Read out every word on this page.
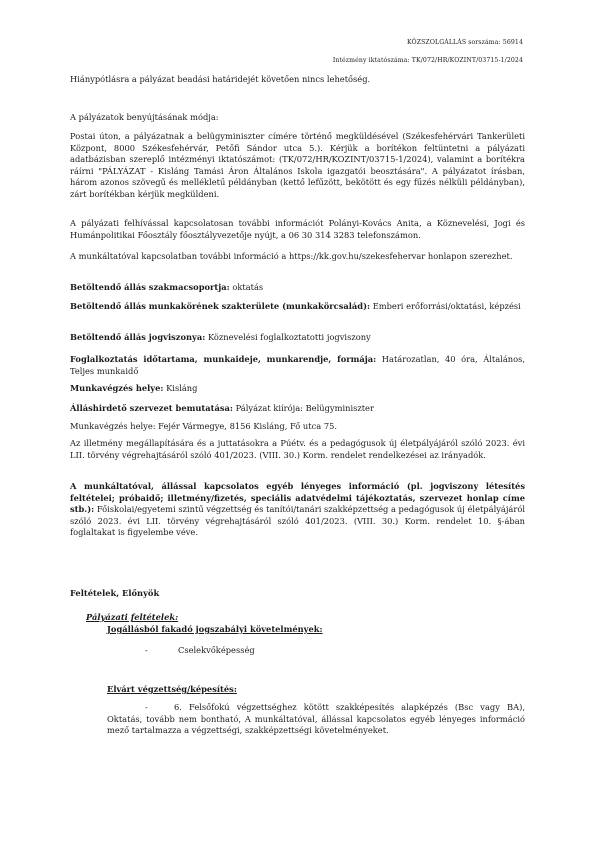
KÖZSZOLGÁLLÁS sorszáma: 56914
Intézmény iktatószáma: TK/072/HR/KOZINT/03715-1/2024
Hiánypótlásra a pályázat beadási határidejét követően nincs lehetőség.
A pályázatok benyújtásának módja:
Postai úton, a pályázatnak a belügyminiszter címére történő megküldésével (Székesfehérvári Tankerületi Központ, 8000 Székesfehérvár, Petőfi Sándor utca 5.). Kérjük a borítékon feltüntetni a pályázati adatbázisban szereplő intézményi iktatószámot: (TK/072/HR/KOZINT/03715-1/2024), valamint a borítékra ráírni "PÁLYÁZAT - Kisláng Tamási Áron Általános Iskola igazgatói beosztására". A pályázatot írásban, három azonos szövegű és mellékletű példányban (kettő lefűzött, bekötött és egy fűzés nélküli példányban), zárt borítékban kérjük megküldeni.
A pályázati felhívással kapcsolatosan további információt Polányi-Kovács Anita, a Köznevelési, Jogi és Humánpolitikai Főosztály főosztályvezetője nyújt, a 06 30 314 3283 telefonszámon.
A munkáltatóval kapcsolatban további információ a https://kk.gov.hu/szekesfehervar honlapon szerezhet.
Betöltendő állás szakmacsoportja: oktatás
Betöltendő állás munkakörének szakterülete (munkakörcsalád): Emberi erőforrási/oktatási, képzési
Betöltendő állás jogviszonya: Köznevelési foglalkoztatotti jogviszony
Foglalkoztatás időtartama, munkaideje, munkarendje, formája: Határozatlan, 40 óra, Általános, Teljes munkaidő
Munkavégzés helye: Kisláng
Álláshirdető szervezet bemutatása: Pályázat kiírója: Belügyminiszter
Munkavégzés helye: Fejér Vármegye, 8156 Kisláng, Fő utca 75.
Az illetmény megállapítására és a juttatásokra a Púétv. és a pedagógusok új életpályájáról szóló 2023. évi LII. törvény végrehajtásáról szóló 401/2023. (VIII. 30.) Korm. rendelet rendelkezései az irányadók.
A munkáltatóval, állással kapcsolatos egyéb lényeges információ (pl. jogviszony létesítés feltételei; próbaidő; illetmény/fizetés, speciális adatvédelmi tájékoztatás, szervezet honlap címe stb.): Főiskolai/egyetemi szintű végzettség és tanítói/tanári szakképzettség a pedagógusok új életpályájáról szóló 2023. évi LII. törvény végrehajtásáról szóló 401/2023. (VIII. 30.) Korm. rendelet 10. §-ában foglaltakat is figyelembe véve.
Feltételek, Előnyök
Pályázati feltételek:
Jogállásból fakadó jogszabályi követelmények:
-	Cselekvőképesség
Elvárt végzettség/képesítés:
-	6. Felsőfokú végzettséghez kötött szakképesítés alapképzés (Bsc vagy BA), Oktatás, tovább nem bontható, A munkáltatóval, állással kapcsolatos egyéb lényeges információ mező tartalmazza a végzettségi, szakképzettségi követelményeket.
